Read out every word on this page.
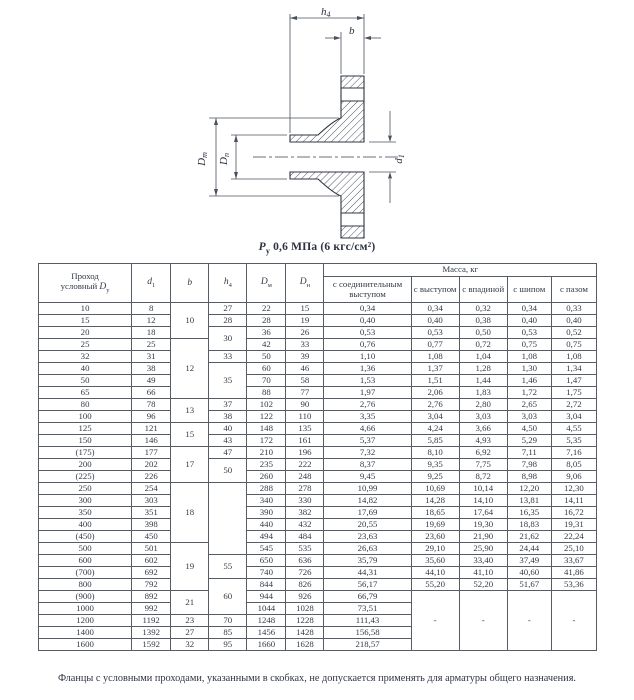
h4
b
Dm
Dn
d1
$P_у$ 0,6 МПа (6 кгс/см²)
Проход
условный $D_у$	$d_1$	b	$h_4$	$D_м$	$D_н$	Масса, кг				
						с соединительным выступом	с выступом	с впадиной	с шипом	с пазом
10	8	10	27	22	15	0,34	0,34	0,32	0,34	0,33
15	12		28	28	19	0,40	0,40	0,38	0,40	0,40
20	18		30	36	26	0,53	0,53	0,50	0,53	0,52
25	25	12		42	33	0,76	0,77	0,72	0,75	0,75
32	31		33	50	39	1,10	1,08	1,04	1,08	1,08
40	38		35	60	46	1,36	1,37	1,28	1,30	1,34
50	49			70	58	1,53	1,51	1,44	1,46	1,47
65	66			88	77	1,97	2,06	1,83	1,72	1,75
80	78	13	37	102	90	2,76	2,76	2,80	2,65	2,72
100	96		38	122	110	3,35	3,04	3,03	3,03	3,04
125	121	15	40	148	135	4,66	4,24	3,66	4,50	4,55
150	146		43	172	161	5,37	5,85	4,93	5,29	5,35
(175)	177	17	47	210	196	7,32	8,10	6,92	7,11	7,16
200	202		50	235	222	8,37	9,35	7,75	7,98	8,05
(225)	226			260	248	9,45	9,25	8,72	8,98	9,06
250	254	18		288	278	10,99	10,69	10,14	12,20	12,30
300	303			340	330	14,82	14,28	14,10	13,81	14,11
350	351			390	382	17,69	18,65	17,64	16,35	16,72
400	398			440	432	20,55	19,69	19,30	18,83	19,31
(450)	450			494	484	23,63	23,60	21,90	21,62	22,24
500	501	19		545	535	26,63	29,10	25,90	24,44	25,10
600	602		55	650	636	35,79	35,60	33,40	37,49	33,67
(700)	692			740	726	44,31	44,10	41,10	40,60	41,86
800	792		60	844	826	56,17	55,20	52,20	51,67	53,36
(900)	892	21		944	926	66,79	-	-	-	-
1000	992			1044	1028	73,51				
1200	1192	23	70	1248	1228	111,43				
1400	1392	27	85	1456	1428	156,58				
1600	1592	32	95	1660	1628	218,57				
Фланцы с условными проходами, указанными в скобках, не допускается применять для арматуры общего назначения.
